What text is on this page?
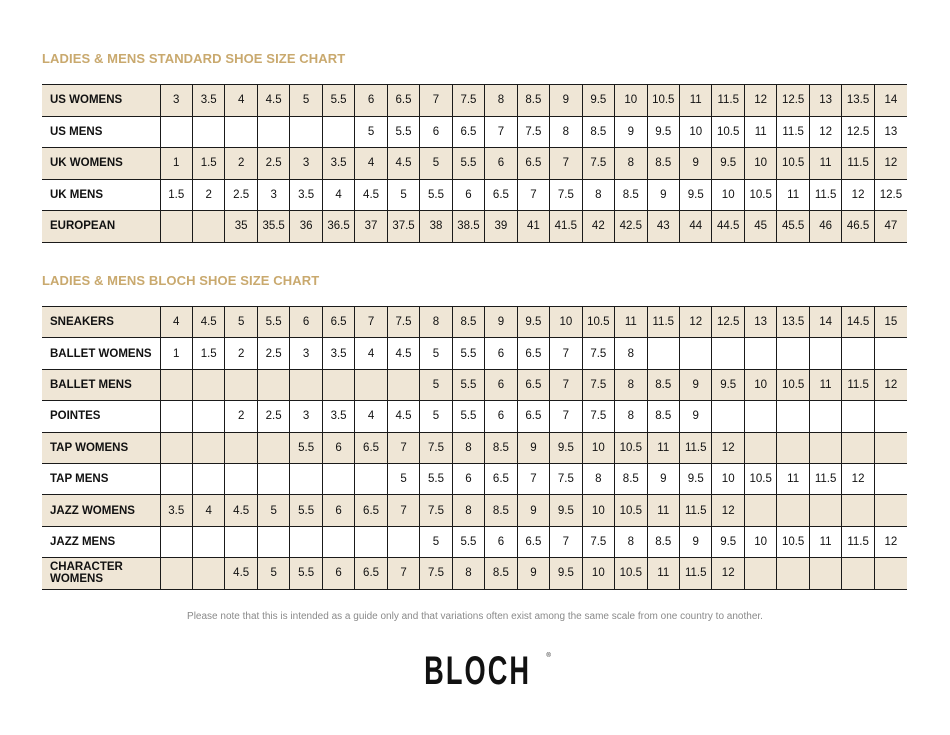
LADIES & MENS STANDARD SHOE SIZE CHART
US WOMENS	3	3.5	4	4.5	5	5.5	6	6.5	7	7.5	8	8.5	9	9.5	10	10.5	11	11.5	12	12.5	13	13.5	14
US MENS							5	5.5	6	6.5	7	7.5	8	8.5	9	9.5	10	10.5	11	11.5	12	12.5	13
UK WOMENS	1	1.5	2	2.5	3	3.5	4	4.5	5	5.5	6	6.5	7	7.5	8	8.5	9	9.5	10	10.5	11	11.5	12
UK MENS	1.5	2	2.5	3	3.5	4	4.5	5	5.5	6	6.5	7	7.5	8	8.5	9	9.5	10	10.5	11	11.5	12	12.5
EUROPEAN			35	35.5	36	36.5	37	37.5	38	38.5	39	41	41.5	42	42.5	43	44	44.5	45	45.5	46	46.5	47
LADIES & MENS BLOCH SHOE SIZE CHART
SNEAKERS	4	4.5	5	5.5	6	6.5	7	7.5	8	8.5	9	9.5	10	10.5	11	11.5	12	12.5	13	13.5	14	14.5	15
BALLET WOMENS	1	1.5	2	2.5	3	3.5	4	4.5	5	5.5	6	6.5	7	7.5	8								
BALLET MENS									5	5.5	6	6.5	7	7.5	8	8.5	9	9.5	10	10.5	11	11.5	12
POINTES			2	2.5	3	3.5	4	4.5	5	5.5	6	6.5	7	7.5	8	8.5	9						
TAP WOMENS					5.5	6	6.5	7	7.5	8	8.5	9	9.5	10	10.5	11	11.5	12					
TAP MENS								5	5.5	6	6.5	7	7.5	8	8.5	9	9.5	10	10.5	11	11.5	12	
JAZZ WOMENS	3.5	4	4.5	5	5.5	6	6.5	7	7.5	8	8.5	9	9.5	10	10.5	11	11.5	12					
JAZZ MENS									5	5.5	6	6.5	7	7.5	8	8.5	9	9.5	10	10.5	11	11.5	12
CHARACTER WOMENS			4.5	5	5.5	6	6.5	7	7.5	8	8.5	9	9.5	10	10.5	11	11.5	12					
Please note that this is intended as a guide only and that variations often exist among the same scale from one country to another.
BLOCH	®
